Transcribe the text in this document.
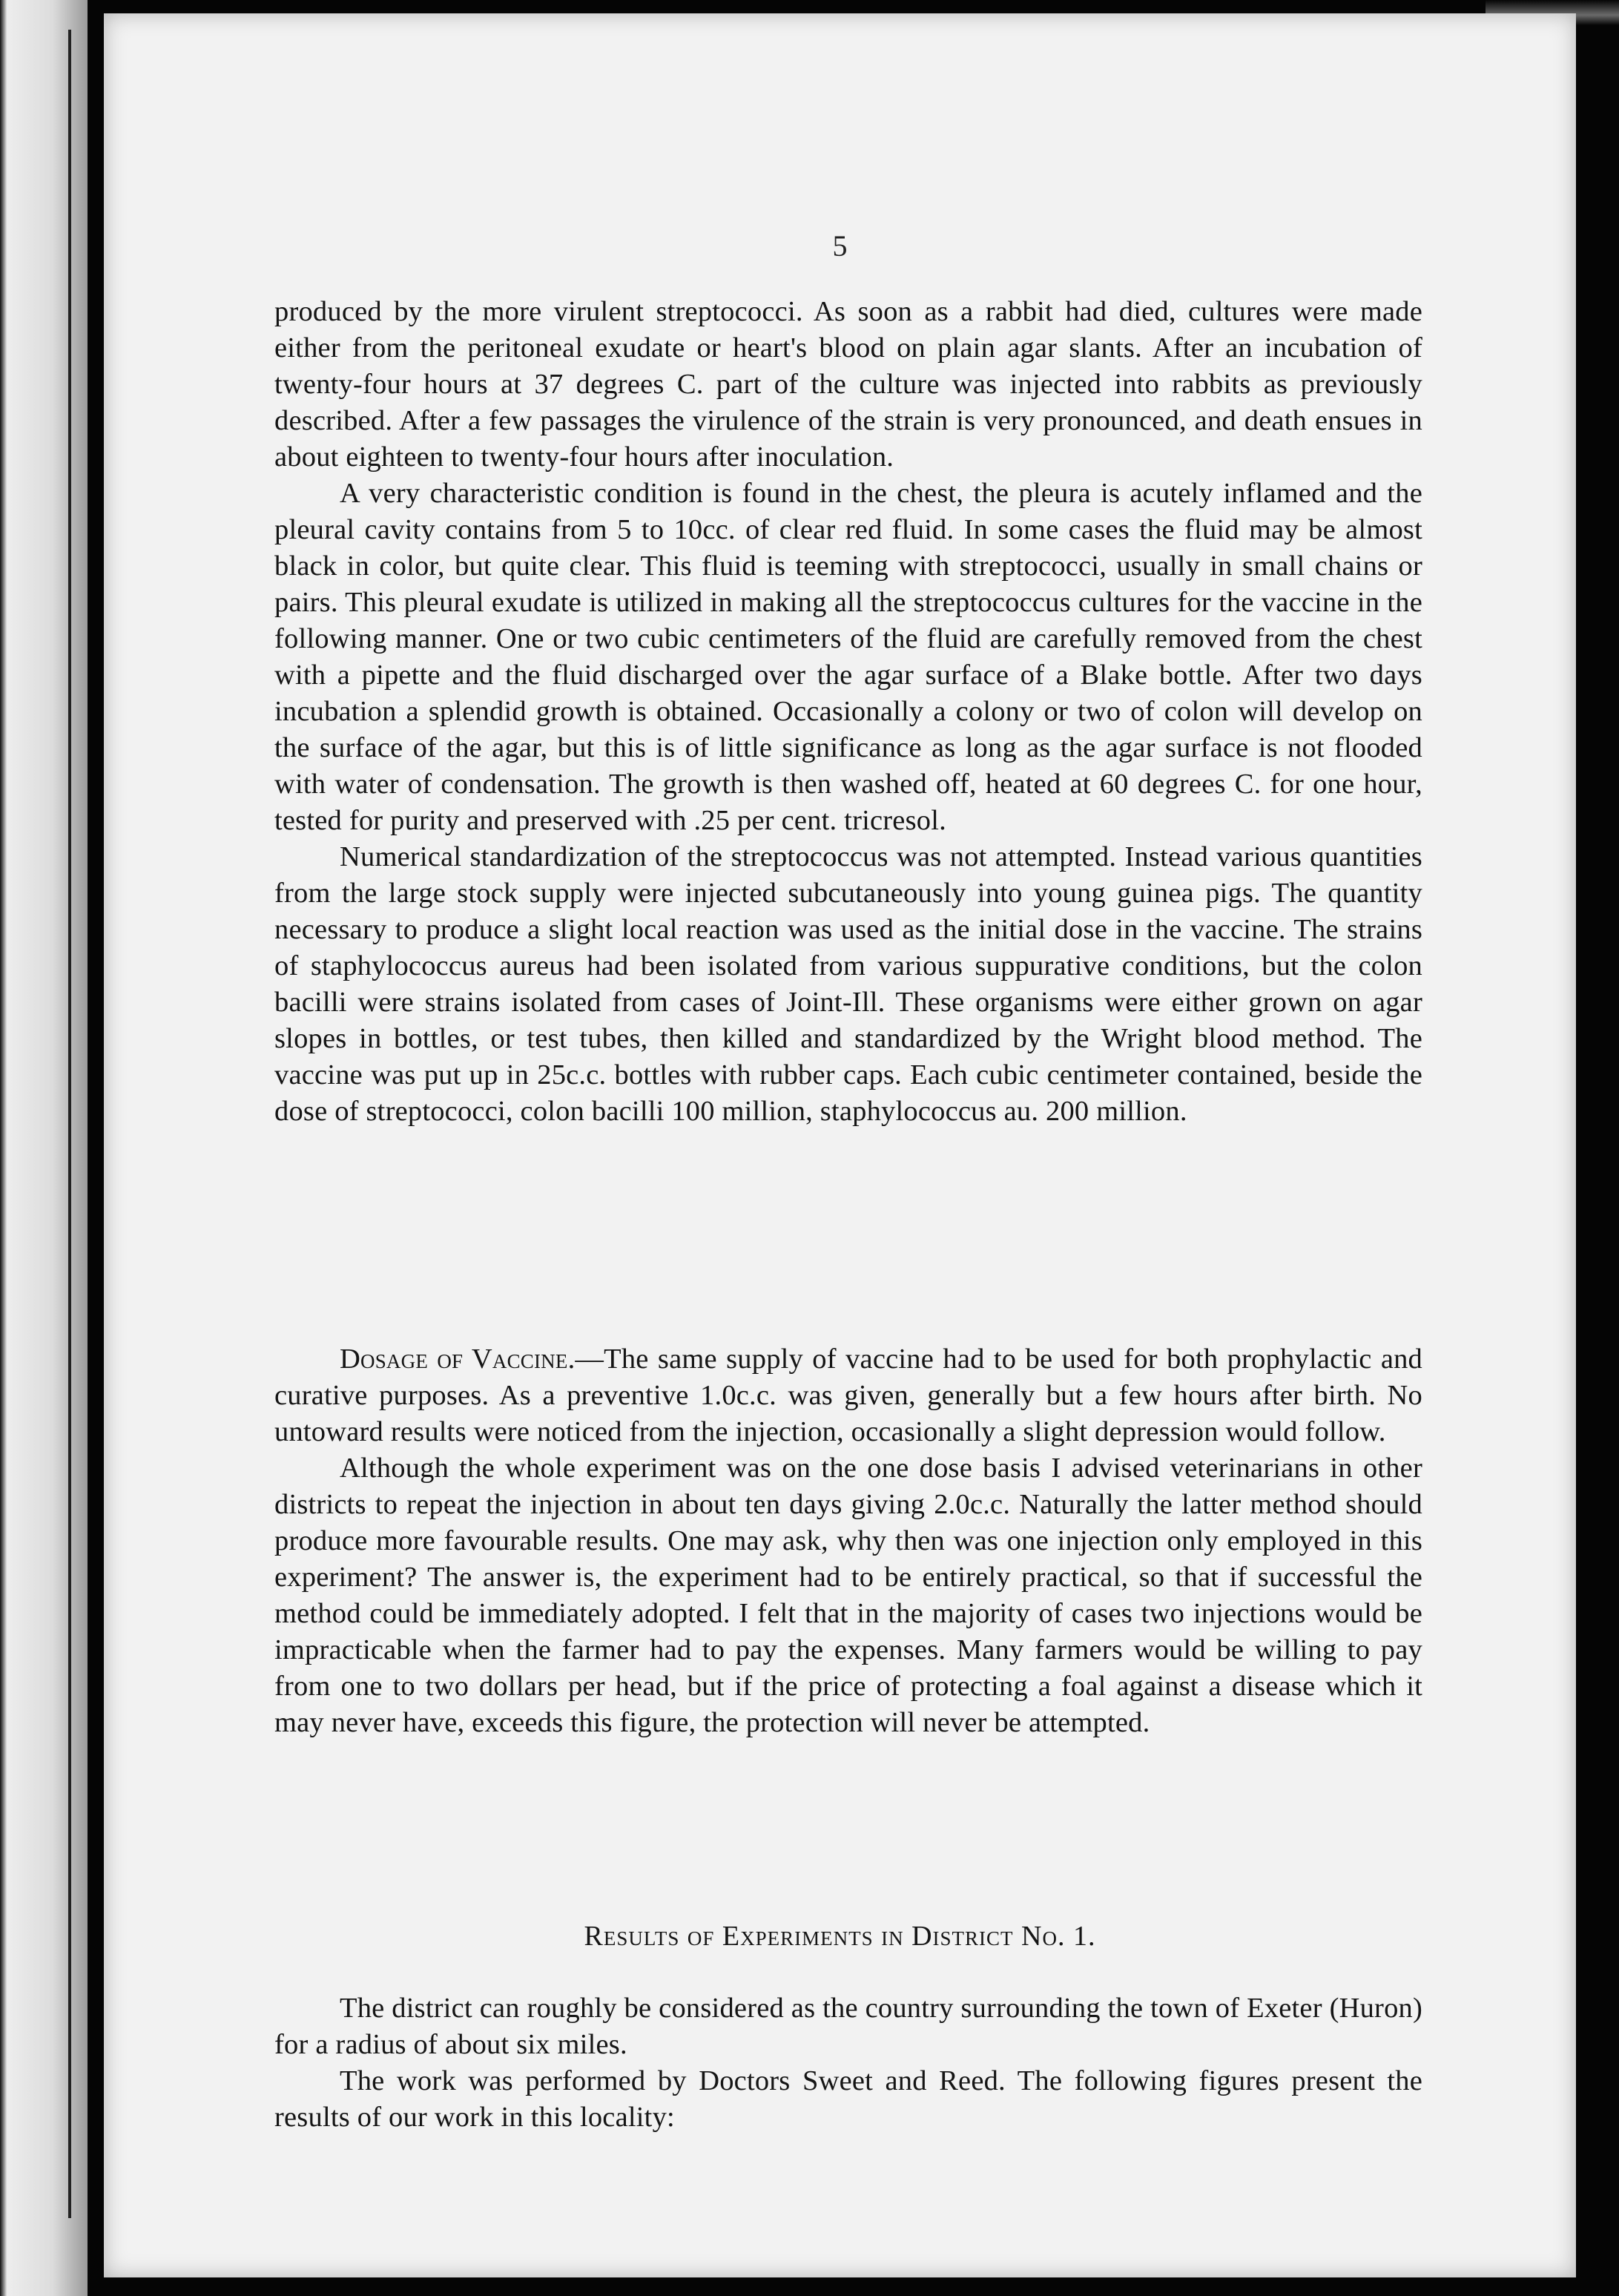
5

produced by the more virulent streptococci. As soon as a rabbit had died, cultures were made either from the peritoneal exudate or heart's blood on plain agar slants. After an incubation of twenty-four hours at 37 degrees C. part of the culture was injected into rabbits as previously described. After a few passages the virulence of the strain is very pronounced, and death ensues in about eighteen to twenty-four hours after inoculation.

A very characteristic condition is found in the chest, the pleura is acutely inflamed and the pleural cavity contains from 5 to 10cc. of clear red fluid. In some cases the fluid may be almost black in color, but quite clear. This fluid is teeming with streptococci, usually in small chains or pairs. This pleural exudate is utilized in making all the streptococcus cultures for the vaccine in the following manner. One or two cubic centimeters of the fluid are carefully removed from the chest with a pipette and the fluid discharged over the agar surface of a Blake bottle. After two days incubation a splendid growth is obtained. Occasionally a colony or two of colon will develop on the surface of the agar, but this is of little significance as long as the agar surface is not flooded with water of condensation. The growth is then washed off, heated at 60 degrees C. for one hour, tested for purity and preserved with .25 per cent. tricresol.

Numerical standardization of the streptococcus was not attempted. Instead various quantities from the large stock supply were injected subcutaneously into young guinea pigs. The quantity necessary to produce a slight local reaction was used as the initial dose in the vaccine. The strains of staphylococcus aureus had been isolated from various suppurative conditions, but the colon bacilli were strains isolated from cases of Joint-Ill. These organisms were either grown on agar slopes in bottles, or test tubes, then killed and standardized by the Wright blood method. The vaccine was put up in 25c.c. bottles with rubber caps. Each cubic centimeter contained, beside the dose of streptococci, colon bacilli 100 million, staphylococcus au. 200 million.

Dosage of Vaccine.—The same supply of vaccine had to be used for both prophylactic and curative purposes. As a preventive 1.0c.c. was given, generally but a few hours after birth. No untoward results were noticed from the injection, occasionally a slight depression would follow.

Although the whole experiment was on the one dose basis I advised veterinarians in other districts to repeat the injection in about ten days giving 2.0c.c. Naturally the latter method should produce more favourable results. One may ask, why then was one injection only employed in this experiment? The answer is, the experiment had to be entirely practical, so that if successful the method could be immediately adopted. I felt that in the majority of cases two injections would be impracticable when the farmer had to pay the expenses. Many farmers would be willing to pay from one to two dollars per head, but if the price of protecting a foal against a disease which it may never have, exceeds this figure, the protection will never be attempted.

Results of Experiments in District No. 1.

The district can roughly be considered as the country surrounding the town of Exeter (Huron) for a radius of about six miles.

The work was performed by Doctors Sweet and Reed. The following figures present the results of our work in this locality:
